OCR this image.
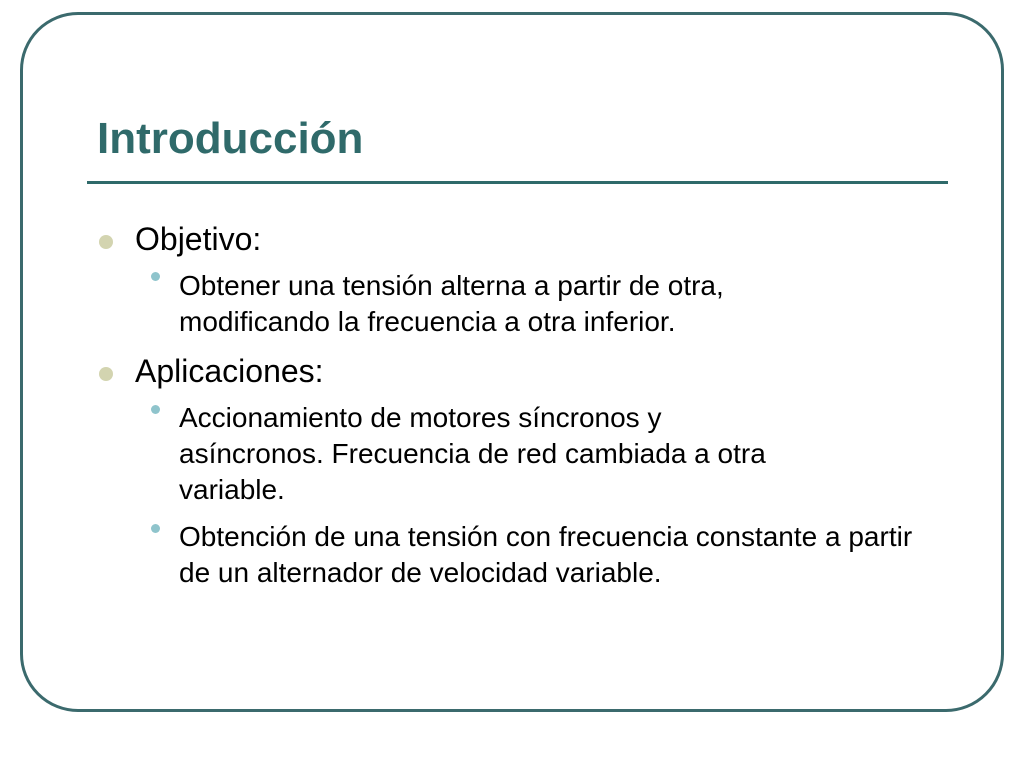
Introducción
Objetivo:
Obtener una tensión alterna a partir de otra, modificando la frecuencia a otra inferior.
Aplicaciones:
Accionamiento de motores síncronos y asíncronos. Frecuencia de red cambiada a otra variable.
Obtención de una tensión con frecuencia constante a partir de un alternador de velocidad variable.
